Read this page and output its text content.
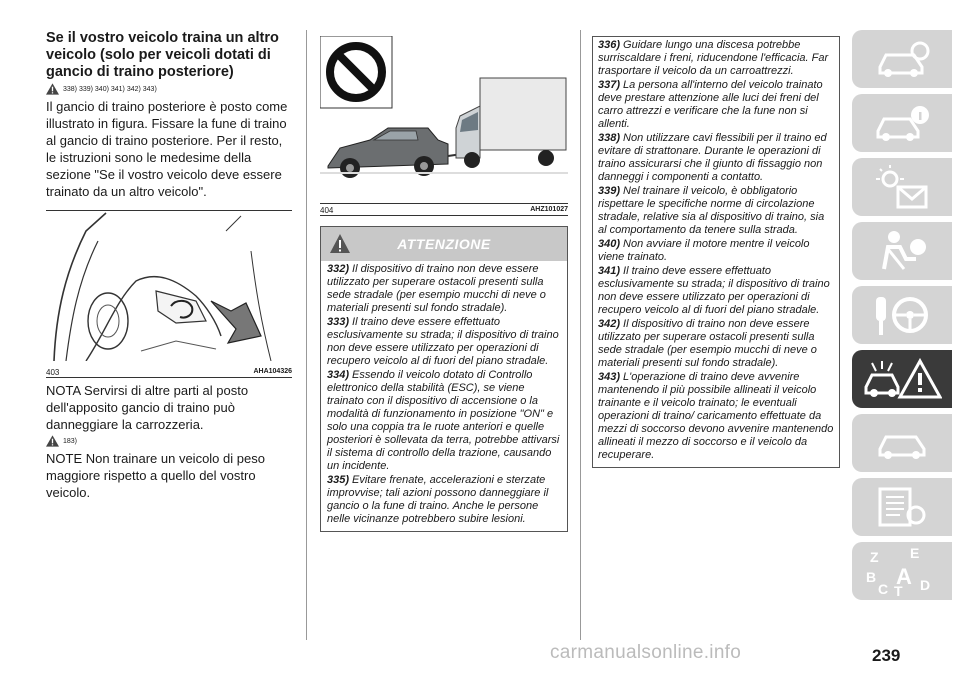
Se il vostro veicolo traina un altro veicolo (solo per veicoli dotati di gancio di traino posteriore)
338) 339) 340) 341) 342) 343)

Il gancio di traino posteriore è posto come illustrato in figura. Fissare la fune di traino al gancio di traino posteriore. Per il resto, le istruzioni sono le medesime della sezione "Se il vostro veicolo deve essere trainato da un altro veicolo".

403	AHA104326

NOTA Servirsi di altre parti al posto dell'apposito gancio di traino può danneggiare la carrozzeria.

183)

NOTE Non trainare un veicolo di peso maggiore rispetto a quello del vostro veicolo.

404	AHZ101027
ATTENZIONE

332) Il dispositivo di traino non deve essere utilizzato per superare ostacoli presenti sulla sede stradale (per esempio mucchi di neve o materiali presenti sul fondo stradale).

333) Il traino deve essere effettuato esclusivamente su strada; il dispositivo di traino non deve essere utilizzato per operazioni di recupero veicolo al di fuori del piano stradale.

334) Essendo il veicolo dotato di Controllo elettronico della stabilità (ESC), se viene trainato con il dispositivo di accensione o la modalità di funzionamento in posizione "ON" e solo una coppia tra le ruote anteriori e quelle posteriori è sollevata da terra, potrebbe attivarsi il sistema di controllo della trazione, causando un incidente.

335) Evitare frenate, accelerazioni e sterzate improvvise; tali azioni possono danneggiare il gancio o la fune di traino. Anche le persone nelle vicinanze potrebbero subire lesioni.

336) Guidare lungo una discesa potrebbe surriscaldare i freni, riducendone l'efficacia. Far trasportare il veicolo da un carroattrezzi.

337) La persona all'interno del veicolo trainato deve prestare attenzione alle luci dei freni del carro attrezzi e verificare che la fune non si allenti.

338) Non utilizzare cavi flessibili per il traino ed evitare di strattonare. Durante le operazioni di traino assicurarsi che il giunto di fissaggio non danneggi i componenti a contatto.

339) Nel trainare il veicolo, è obbligatorio rispettare le specifiche norme di circolazione stradale, relative sia al dispositivo di traino, sia al comportamento da tenere sulla strada.

340) Non avviare il motore mentre il veicolo viene trainato.

341) Il traino deve essere effettuato esclusivamente su strada; il dispositivo di traino non deve essere utilizzato per operazioni di recupero veicolo al di fuori del piano stradale.

342) Il dispositivo di traino non deve essere utilizzato per superare ostacoli presenti sulla sede stradale (per esempio mucchi di neve o materiali presenti sul fondo stradale).

343) L'operazione di traino deve avvenire mantenendo il più possibile allineati il veicolo trainante e il veicolo trainato; le eventuali operazioni di traino/ caricamento effettuate da mezzi di soccorso devono avvenire mantenendo allineati il mezzo di soccorso e il veicolo da recuperare.

Z E
B
C A D
T
carmanualsonline.info	239
